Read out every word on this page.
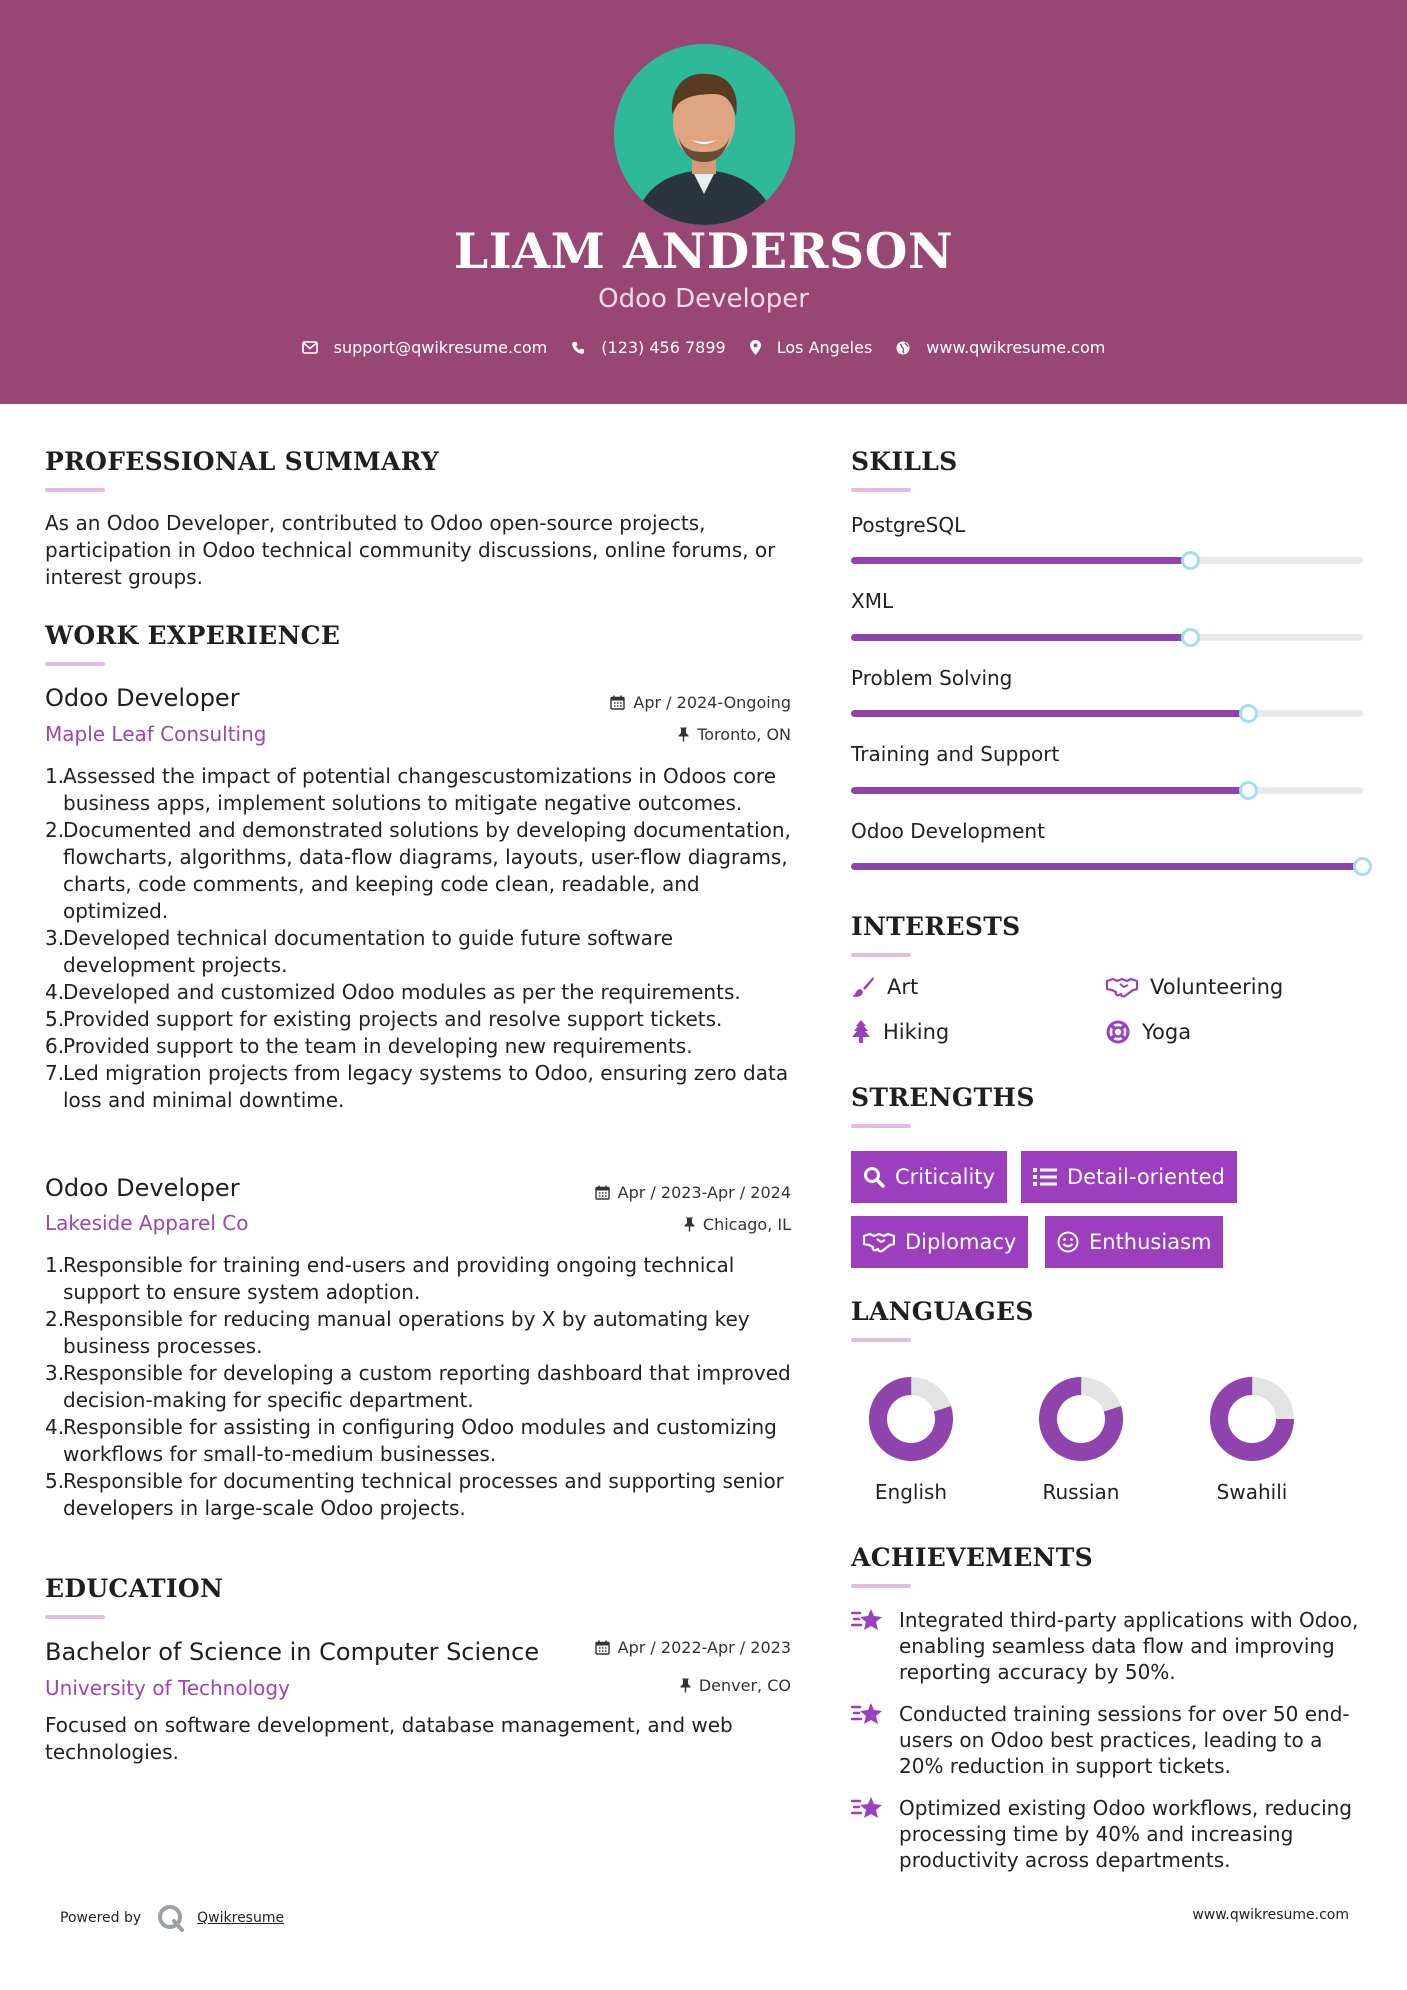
LIAM ANDERSON
Odoo Developer
support@qwikresume.com	(123) 456 7899	Los Angeles	www.qwikresume.com
PROFESSIONAL SUMMARY
As an Odoo Developer, contributed to Odoo open-source projects, participation in Odoo technical community discussions, online forums, or interest groups.
WORK EXPERIENCE
Odoo Developer	Apr / 2024-Ongoing
Maple Leaf Consulting	Toronto, ON
Assessed the impact of potential changescustomizations in Odoos core business apps, implement solutions to mitigate negative outcomes.
Documented and demonstrated solutions by developing documentation, flowcharts, algorithms, data-flow diagrams, layouts, user-flow diagrams, charts, code comments, and keeping code clean, readable, and optimized.
Developed technical documentation to guide future software development projects.
Developed and customized Odoo modules as per the requirements.
Provided support for existing projects and resolve support tickets.
Provided support to the team in developing new requirements.
Led migration projects from legacy systems to Odoo, ensuring zero data loss and minimal downtime.
Odoo Developer	Apr / 2023-Apr / 2024
Lakeside Apparel Co	Chicago, IL
Responsible for training end-users and providing ongoing technical support to ensure system adoption.
Responsible for reducing manual operations by X by automating key business processes.
Responsible for developing a custom reporting dashboard that improved decision-making for specific department.
Responsible for assisting in configuring Odoo modules and customizing workflows for small-to-medium businesses.
Responsible for documenting technical processes and supporting senior developers in large-scale Odoo projects.
EDUCATION
Bachelor of Science in Computer Science	Apr / 2022-Apr / 2023
University of Technology	Denver, CO
Focused on software development, database management, and web technologies.
SKILLS
PostgreSQL
XML
Problem Solving
Training and Support
Odoo Development
INTERESTS
Art	Volunteering
Hiking	Yoga
STRENGTHS
Criticality	Detail-oriented
Diplomacy	Enthusiasm
LANGUAGES
English	Russian	Swahili
ACHIEVEMENTS
Integrated third-party applications with Odoo, enabling seamless data flow and improving reporting accuracy by 50%.
Conducted training sessions for over 50 end-users on Odoo best practices, leading to a 20% reduction in support tickets.
Optimized existing Odoo workflows, reducing processing time by 40% and increasing productivity across departments.
Powered by	Qwikresume	www.qwikresume.com
